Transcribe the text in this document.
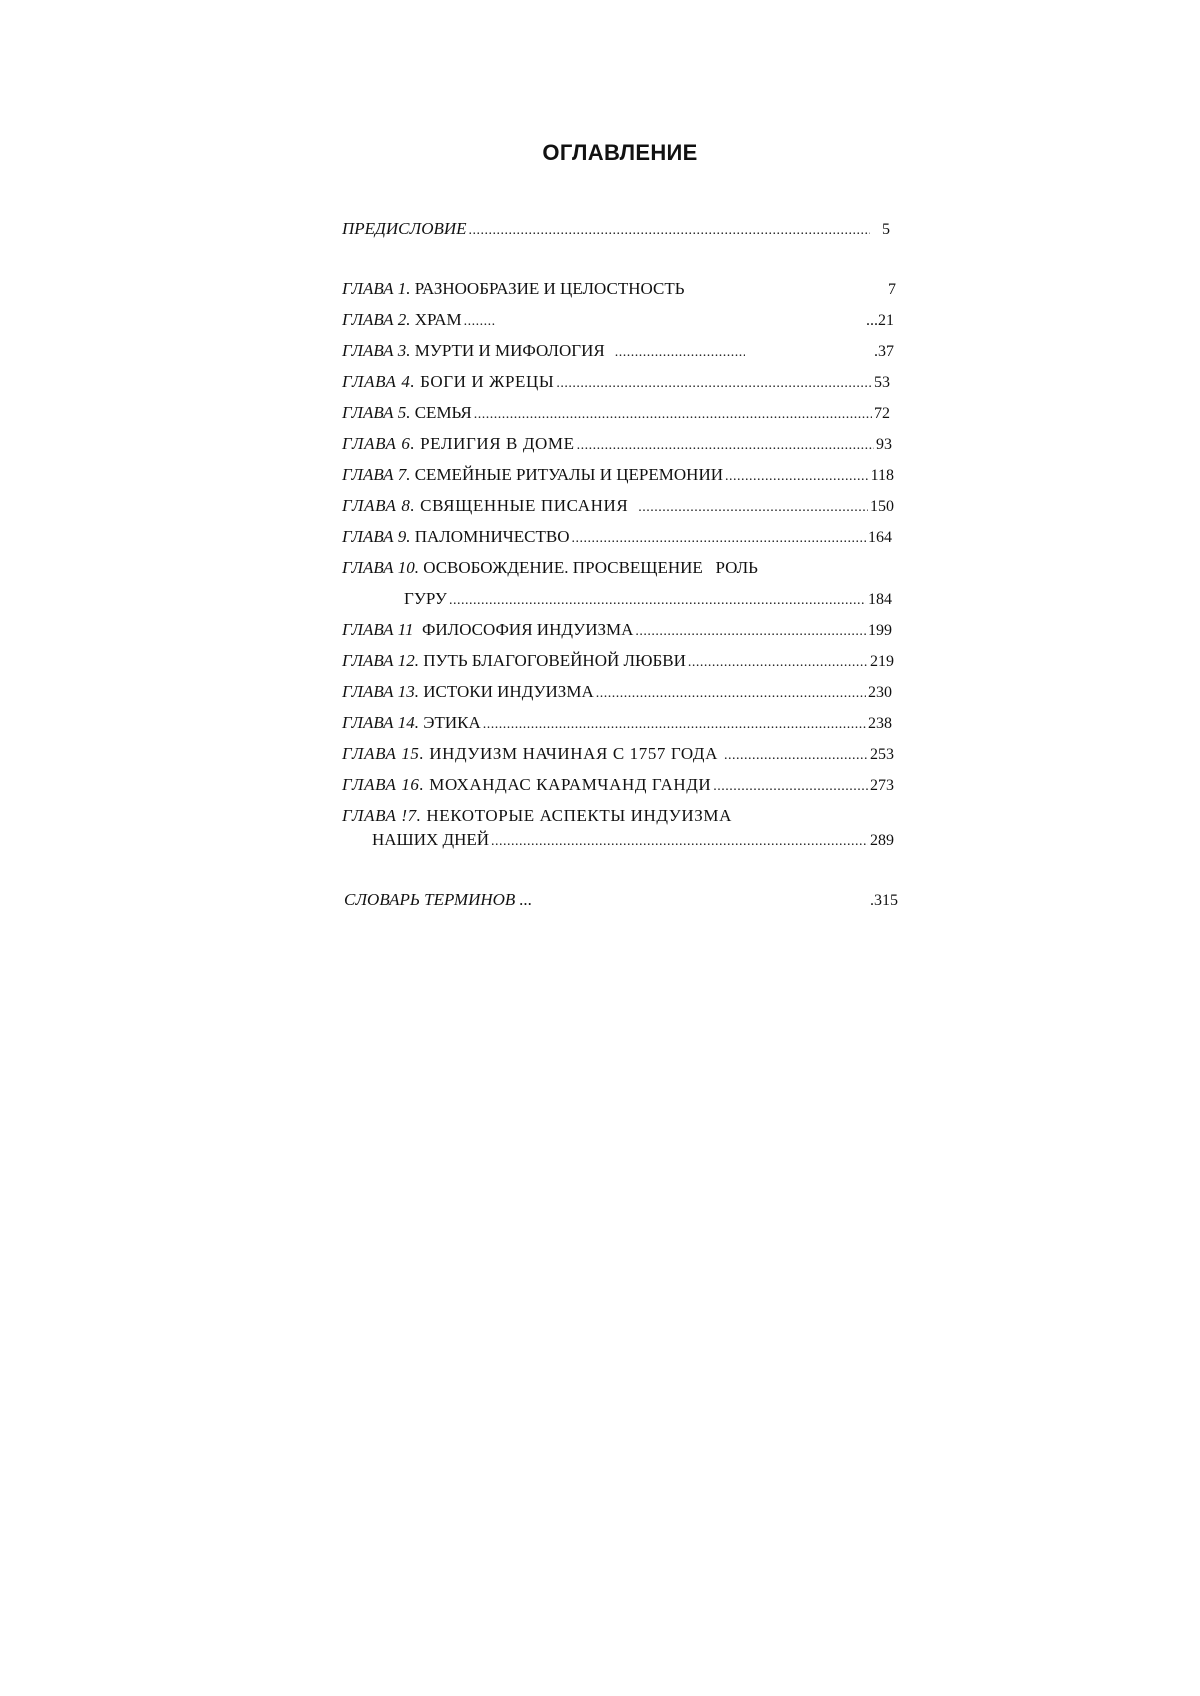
ОГЛАВЛЕНИЕ
ПРЕДИСЛОВИЕ .....	5
ГЛАВА 1. РАЗНООБРАЗИЕ И ЦЕЛОСТНОСТЬ	7
ГЛАВА 2. ХРАМ .....	...21
ГЛАВА 3. МУРТИ И МИФОЛОГИЯ .....	.37
ГЛАВА 4. БОГИ И ЖРЕЦЫ .....	53
ГЛАВА 5. СЕМЬЯ .....	72
ГЛАВА 6. РЕЛИГИЯ В ДОМЕ .....	93
ГЛАВА 7. СЕМЕЙНЫЕ РИТУАЛЫ И ЦЕРЕМОНИИ .....	118
ГЛАВА 8. СВЯЩЕННЫЕ ПИСАНИЯ .....	150
ГЛАВА 9. ПАЛОМНИЧЕСТВО .....	164
ГЛАВА 10. ОСВОБОЖДЕНИЕ. ПРОСВЕЩЕНИЕ   РОЛЬ
ГУРУ .....	184
ГЛАВА 11 ФИЛОСОФИЯ ИНДУИЗМА .....	199
ГЛАВА 12. ПУТЬ БЛАГОГОВЕЙНОЙ ЛЮБВИ .....	219
ГЛАВА 13. ИСТОКИ ИНДУИЗМА .....	230
ГЛАВА 14. ЭТИКА .....	238
ГЛАВА 15. ИНДУИЗМ НАЧИНАЯ С 1757 ГОДА .....	253
ГЛАВА 16. МОХАНДАС КАРАМЧАНД ГАНДИ .....	273
ГЛАВА !7. НЕКОТОРЫЕ АСПЕКТЫ ИНДУИЗМА
НАШИХ ДНЕЙ .....	289
СЛОВАРЬ ТЕРМИНОВ ...	.315
